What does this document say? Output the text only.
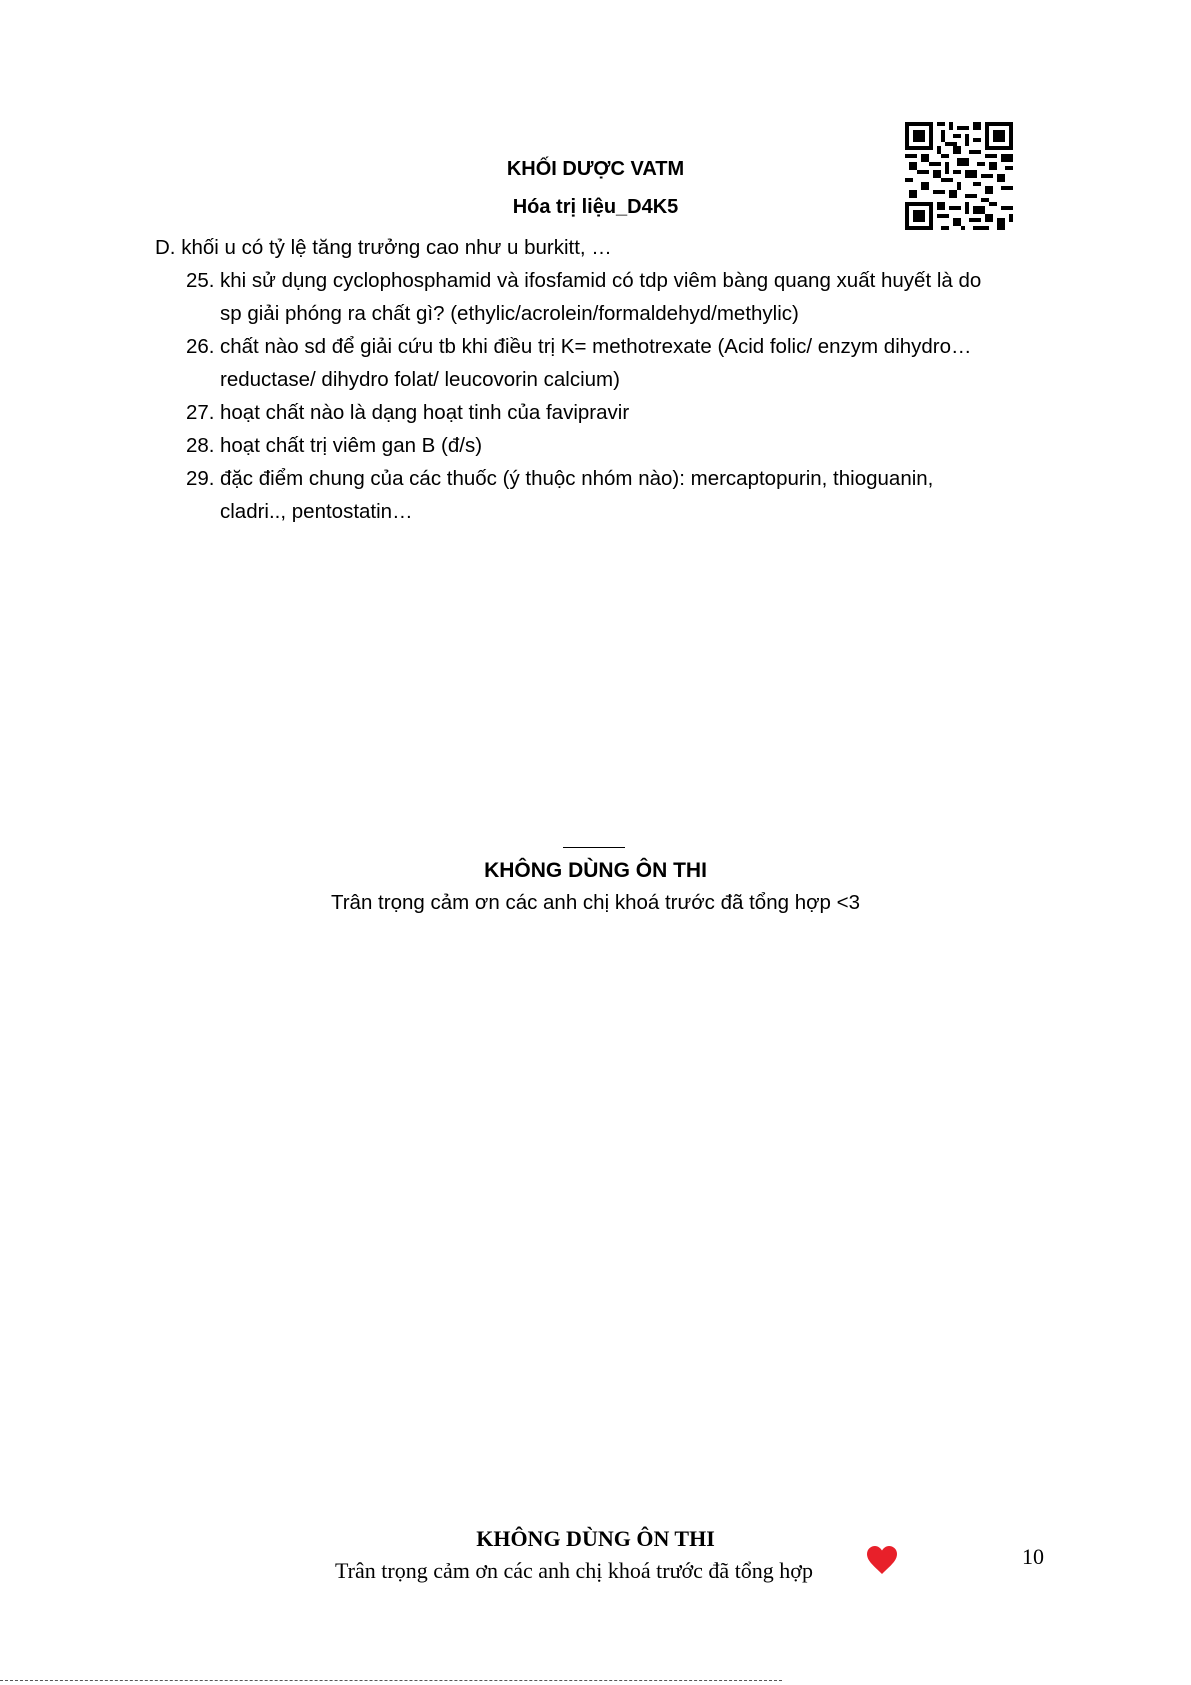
KHỐI DƯỢC VATM
Hóa trị liệu_D4K5
D. khối u có tỷ lệ tăng trưởng cao như u burkitt, …
25. khi sử dụng cyclophosphamid và ifosfamid có tdp viêm bàng quang xuất huyết là do
sp giải phóng ra chất gì? (ethylic/acrolein/formaldehyd/methylic)
26. chất nào sd để giải cứu tb khi điều trị K= methotrexate (Acid folic/ enzym dihydro…
reductase/ dihydro folat/ leucovorin calcium)
27. hoạt chất nào là dạng hoạt tinh của favipravir
28. hoạt chất trị viêm gan B (đ/s)
29. đặc điểm chung của các thuốc (ý thuộc nhóm nào): mercaptopurin, thioguanin,
cladri.., pentostatin…
KHÔNG DÙNG ÔN THI
Trân trọng cảm ơn các anh chị khoá trước đã tổng hợp <3
KHÔNG DÙNG ÔN THI
Trân trọng cảm ơn các anh chị khoá trước đã tổng hợp
10
